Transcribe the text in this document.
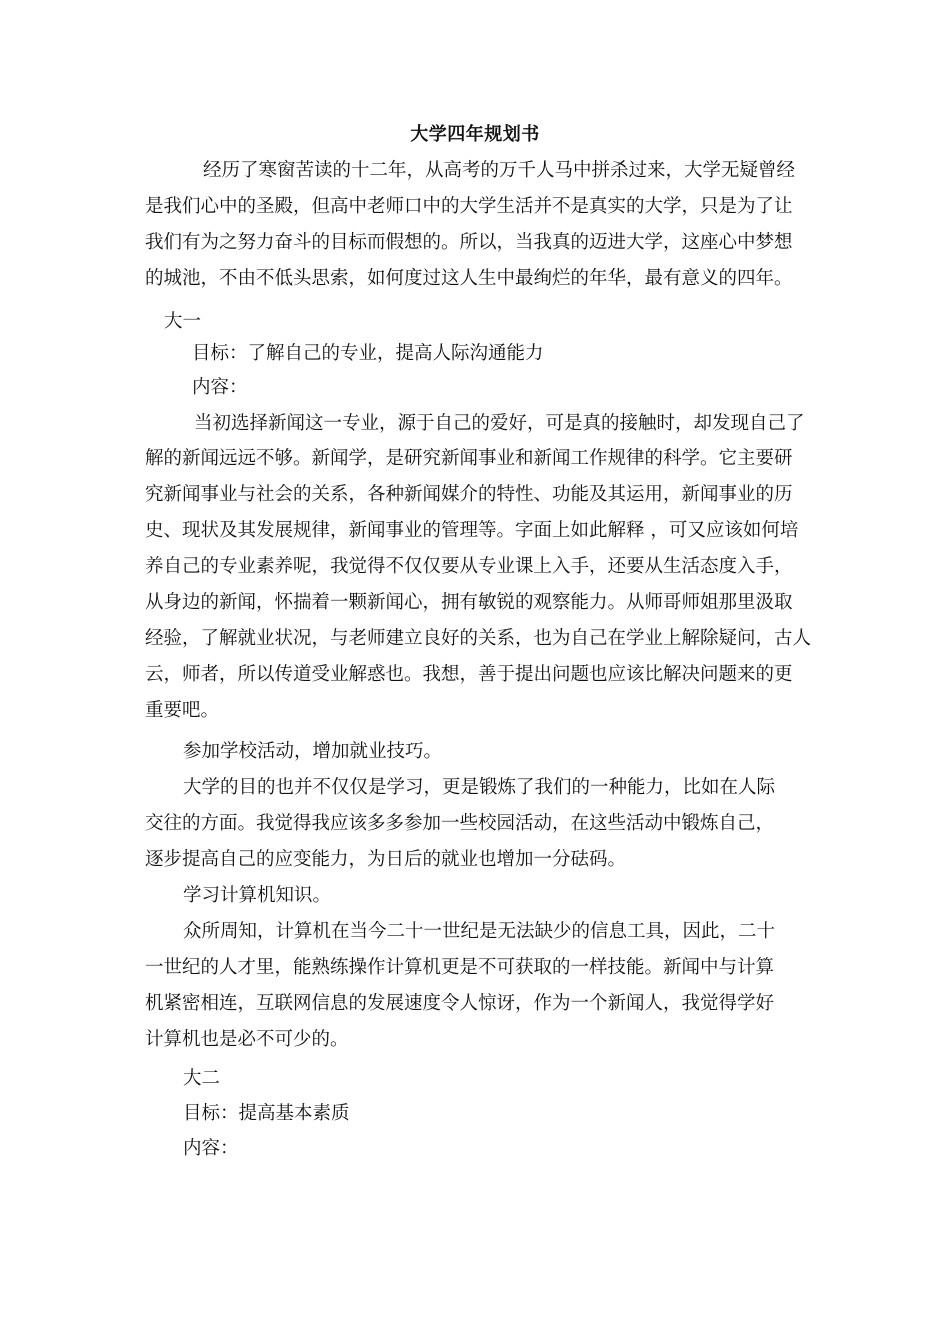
大学四年规划书
经历了寒窗苦读的十二年，从高考的万千人马中拼杀过来，大学无疑曾经
是我们心中的圣殿，但高中老师口中的大学生活并不是真实的大学，只是为了让
我们有为之努力奋斗的目标而假想的。所以，当我真的迈进大学，这座心中梦想
的城池，不由不低头思索，如何度过这人生中最绚烂的年华，最有意义的四年。
大一
目标：了解自己的专业，提高人际沟通能力
内容：
当初选择新闻这一专业，源于自己的爱好，可是真的接触时，却发现自己了
解的新闻远远不够。新闻学，是研究新闻事业和新闻工作规律的科学。它主要研
究新闻事业与社会的关系，各种新闻媒介的特性、功能及其运用，新闻事业的历
史、现状及其发展规律，新闻事业的管理等。字面上如此解释 ，可又应该如何培
养自己的专业素养呢，我觉得不仅仅要从专业课上入手，还要从生活态度入手，
从身边的新闻，怀揣着一颗新闻心，拥有敏锐的观察能力。从师哥师姐那里汲取
经验，了解就业状况，与老师建立良好的关系，也为自己在学业上解除疑问，古人
云，师者，所以传道受业解惑也。我想，善于提出问题也应该比解决问题来的更
重要吧。
参加学校活动，增加就业技巧。
大学的目的也并不仅仅是学习，更是锻炼了我们的一种能力，比如在人际
交往的方面。我觉得我应该多多参加一些校园活动，在这些活动中锻炼自己，
逐步提高自己的应变能力，为日后的就业也增加一分砝码。
学习计算机知识。
众所周知，计算机在当今二十一世纪是无法缺少的信息工具，因此，二十
一世纪的人才里，能熟练操作计算机更是不可获取的一样技能。新闻中与计算
机紧密相连，互联网信息的发展速度令人惊讶，作为一个新闻人，我觉得学好
计算机也是必不可少的。
大二
目标：提高基本素质
内容：
